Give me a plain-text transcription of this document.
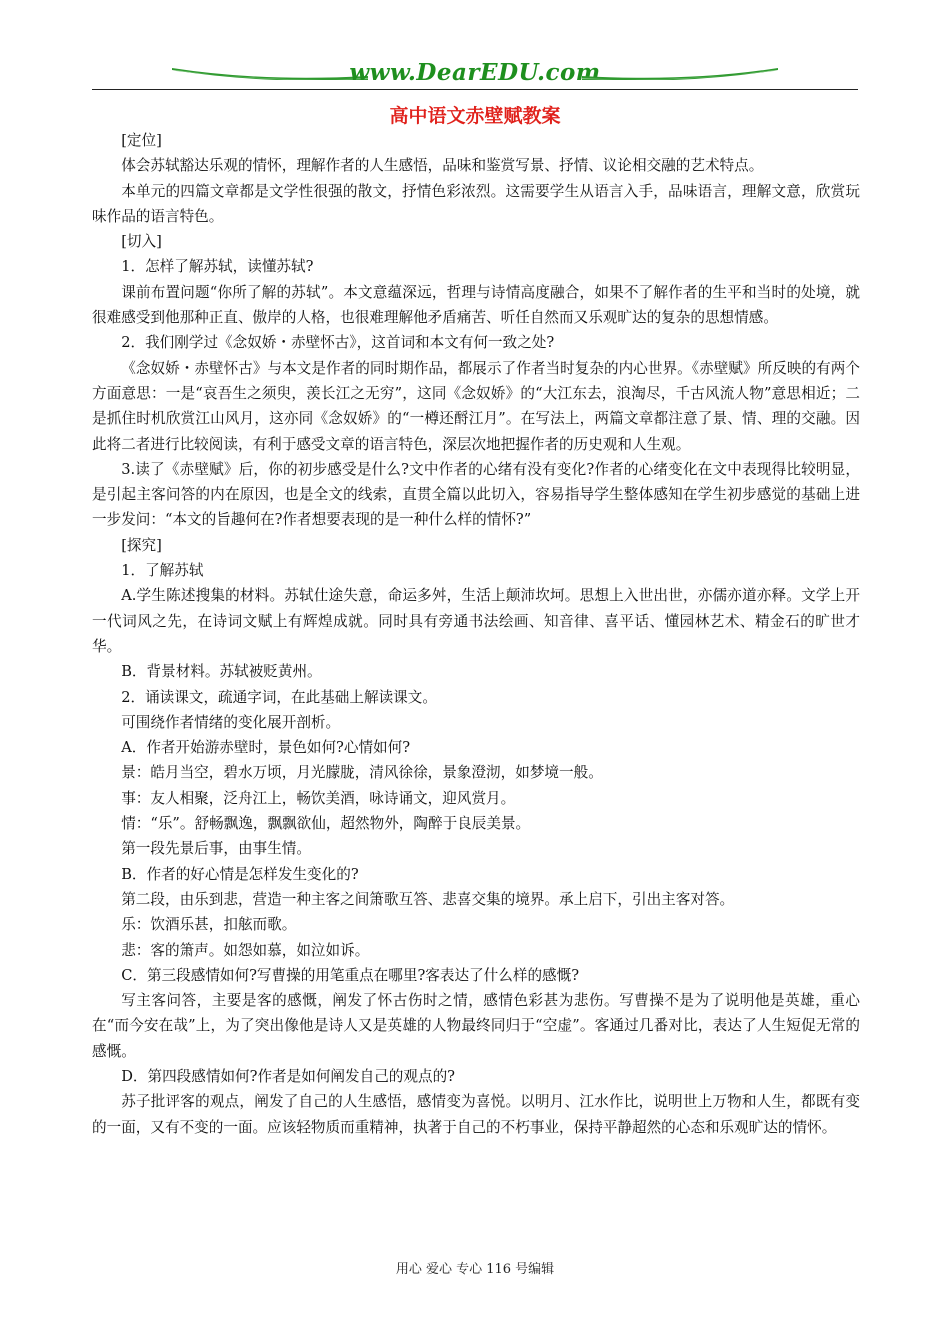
www.DearEDU.com
高中语文赤壁赋教案

[定位]

体会苏轼豁达乐观的情怀，理解作者的人生感悟，品味和鉴赏写景、抒情、议论相交融的艺术特点。

本单元的四篇文章都是文学性很强的散文，抒情色彩浓烈。这需要学生从语言入手，品味语言，理解文意，欣赏玩味作品的语言特色。

[切入]

1．怎样了解苏轼，读懂苏轼?

课前布置问题“你所了解的苏轼”。本文意蕴深远，哲理与诗情高度融合，如果不了解作者的生平和当时的处境，就很难感受到他那种正直、傲岸的人格，也很难理解他矛盾痛苦、听任自然而又乐观旷达的复杂的思想情感。

2．我们刚学过《念奴娇・赤壁怀古》，这首词和本文有何一致之处?

《念奴娇・赤壁怀古》与本文是作者的同时期作品，都展示了作者当时复杂的内心世界。《赤壁赋》所反映的有两个方面意思：一是“哀吾生之须臾，羡长江之无穷”，这同《念奴娇》的“大江东去，浪淘尽，千古风流人物”意思相近；二是抓住时机欣赏江山风月，这亦同《念奴娇》的“一樽还酹江月”。在写法上，两篇文章都注意了景、情、理的交融。因此将二者进行比较阅读，有利于感受文章的语言特色，深层次地把握作者的历史观和人生观。

3.读了《赤壁赋》后，你的初步感受是什么?文中作者的心绪有没有变化?作者的心绪变化在文中表现得比较明显，是引起主客问答的内在原因，也是全文的线索，直贯全篇以此切入，容易指导学生整体感知在学生初步感觉的基础上进一步发问：“本文的旨趣何在?作者想要表现的是一种什么样的情怀?”

[探究]

1．了解苏轼

A.学生陈述搜集的材料。苏轼仕途失意，命运多舛，生活上颠沛坎坷。思想上入世出世，亦儒亦道亦释。文学上开一代词风之先，在诗词文赋上有辉煌成就。同时具有旁通书法绘画、知音律、喜平话、懂园林艺术、精金石的旷世才华。

B．背景材料。苏轼被贬黄州。

2．诵读课文，疏通字词，在此基础上解读课文。

可围绕作者情绪的变化展开剖析。

A．作者开始游赤壁时，景色如何?心情如何?

景：皓月当空，碧水万顷，月光朦胧，清风徐徐，景象澄沏，如梦境一般。

事：友人相聚，泛舟江上，畅饮美酒，咏诗诵文，迎风赏月。

情：“乐”。舒畅飘逸，飘飘欲仙，超然物外，陶醉于良辰美景。

第一段先景后事，由事生情。

B．作者的好心情是怎样发生变化的?

第二段，由乐到悲，营造一种主客之间箫歌互答、悲喜交集的境界。承上启下，引出主客对答。

乐：饮酒乐甚，扣舷而歌。

悲：客的箫声。如怨如慕，如泣如诉。

C．第三段感情如何?写曹操的用笔重点在哪里?客表达了什么样的感慨?

写主客问答，主要是客的感慨，阐发了怀古伤时之情，感情色彩甚为悲伤。写曹操不是为了说明他是英雄，重心在“而今安在哉”上，为了突出像他是诗人又是英雄的人物最终同归于“空虚”。客通过几番对比，表达了人生短促无常的感慨。

D．第四段感情如何?作者是如何阐发自己的观点的?

苏子批评客的观点，阐发了自己的人生感悟，感情变为喜悦。以明月、江水作比，说明世上万物和人生，都既有变的一面，又有不变的一面。应该轻物质而重精神，执著于自己的不朽事业，保持平静超然的心态和乐观旷达的情怀。

用心 爱心 专心 116 号编辑
